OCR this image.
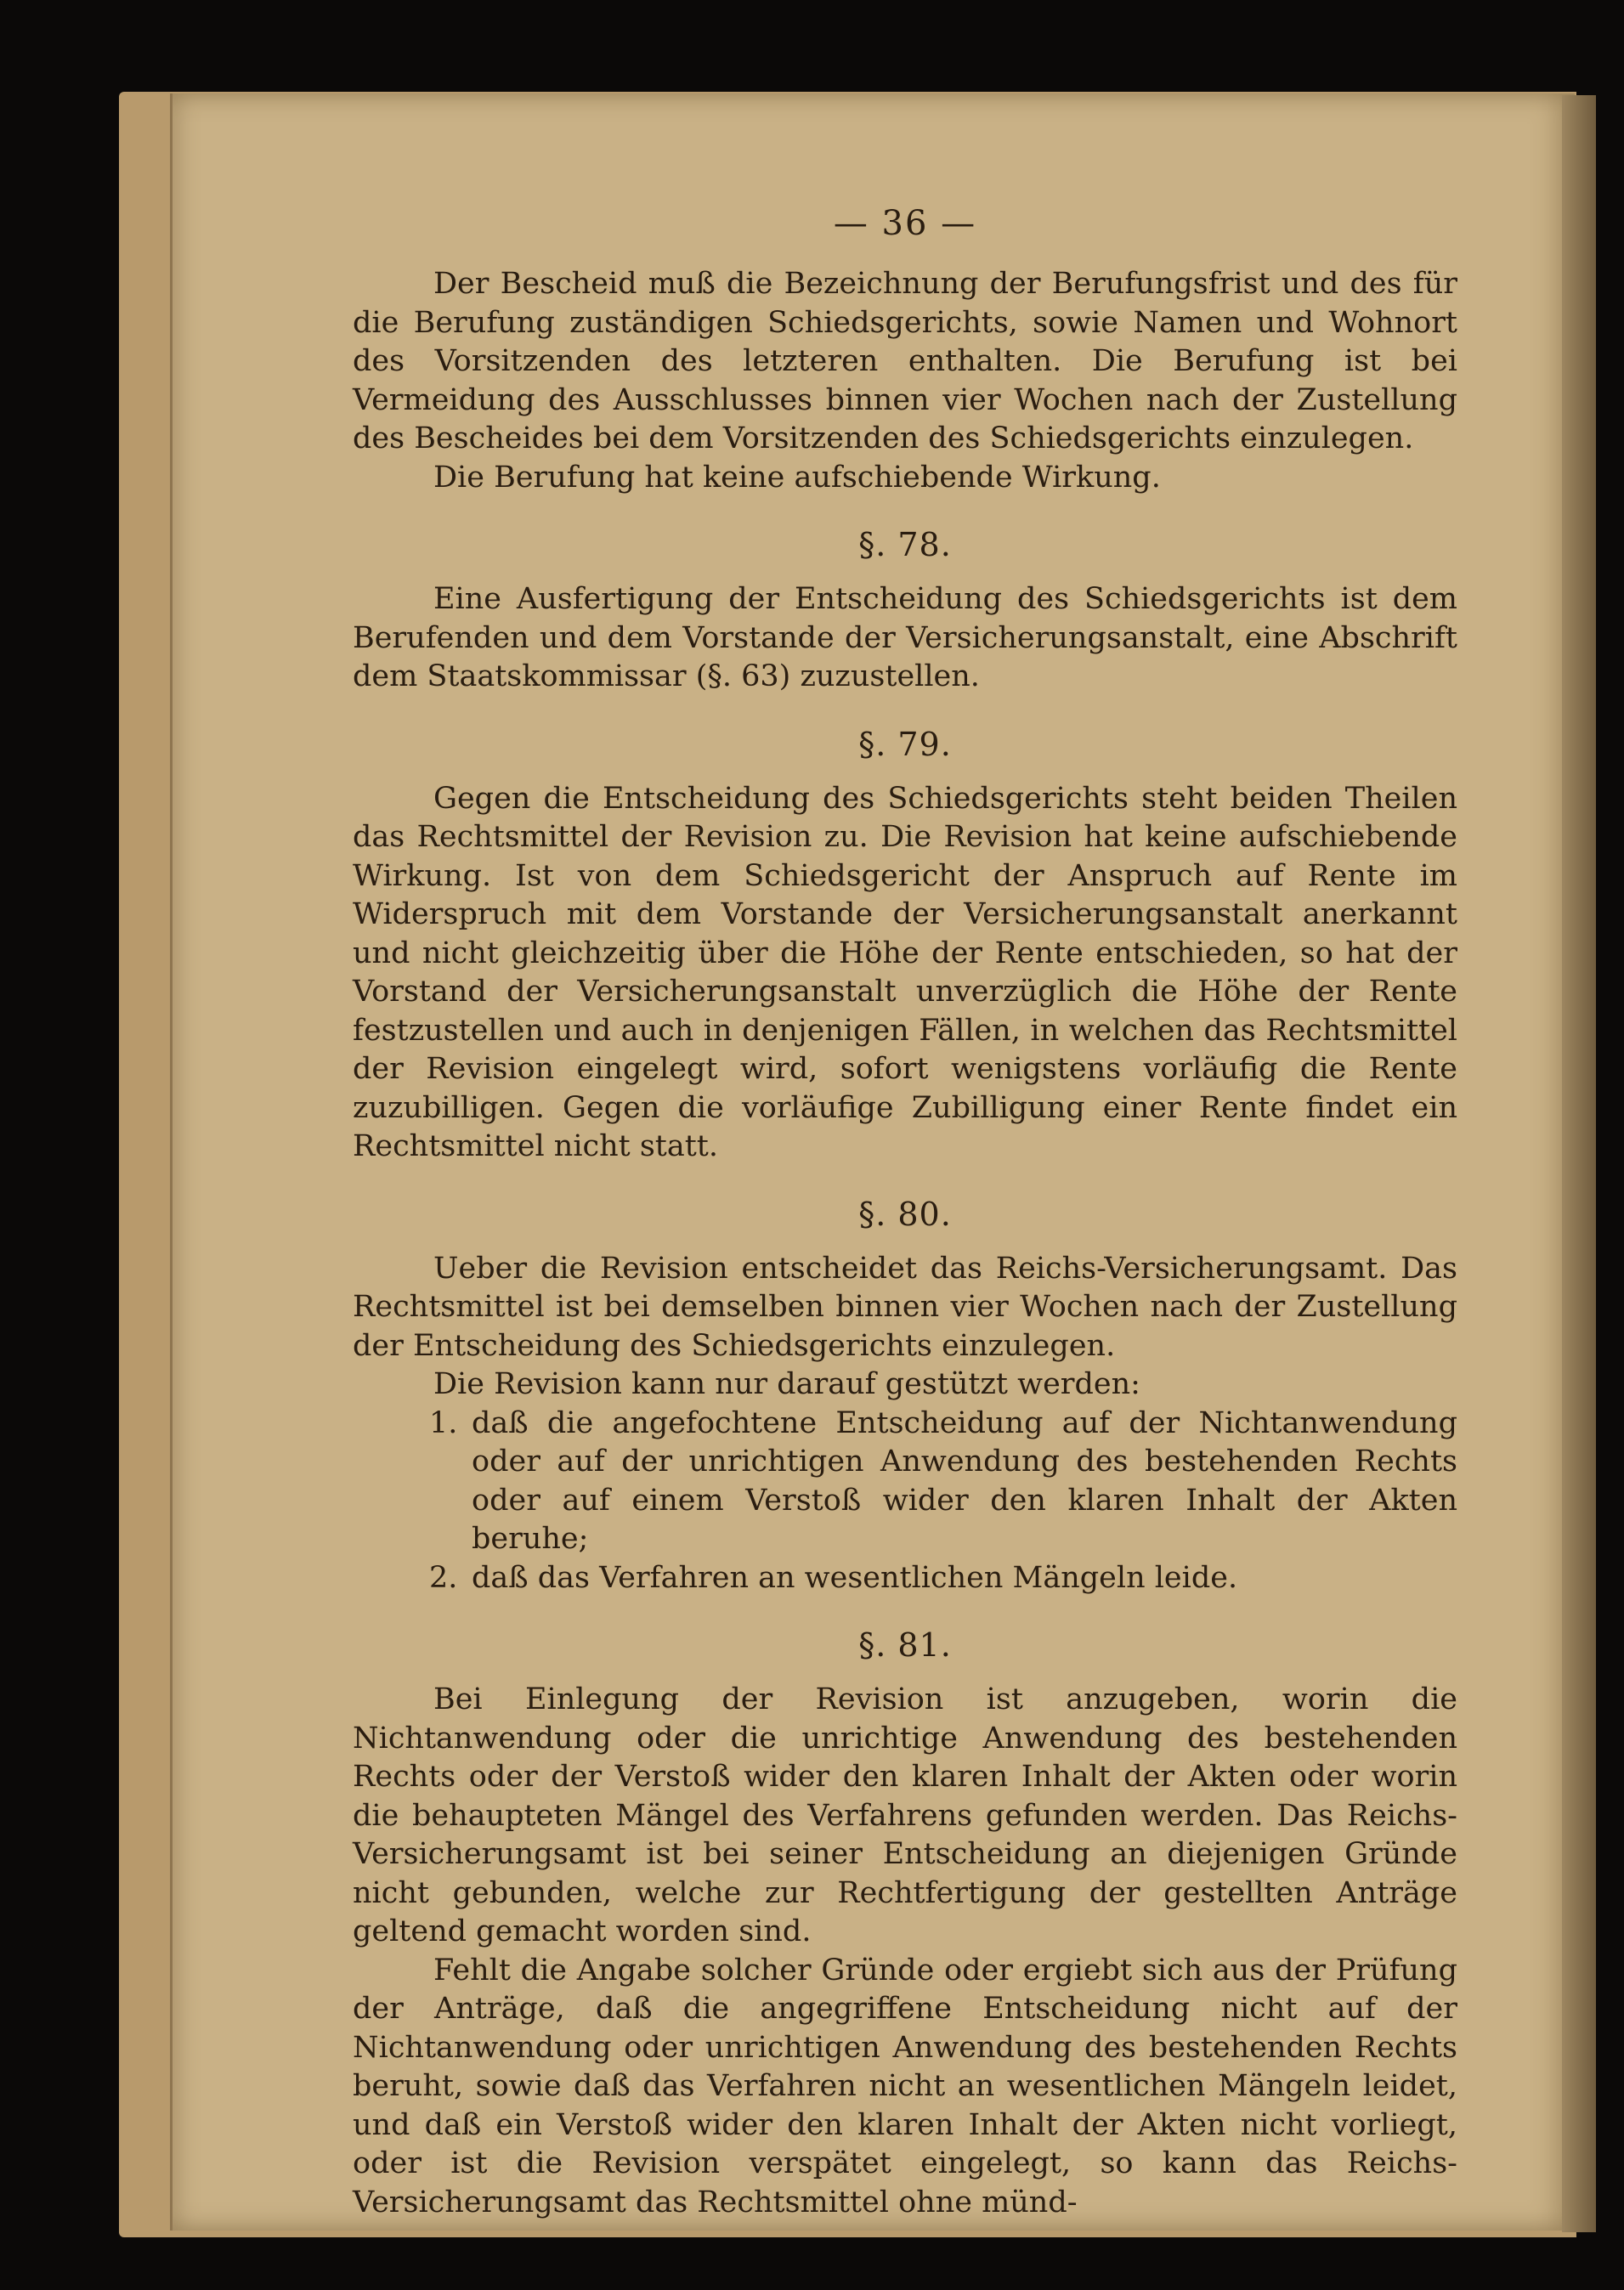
— 36 —

Der Bescheid muß die Bezeichnung der Berufungsfrist und des für die Berufung zuständigen Schiedsgerichts, sowie Namen und Wohnort des Vorsitzenden des letzteren enthalten. Die Berufung ist bei Vermeidung des Ausschlusses binnen vier Wochen nach der Zustellung des Bescheides bei dem Vorsitzenden des Schiedsgerichts einzulegen.

Die Berufung hat keine aufschiebende Wirkung.

§. 78.

Eine Ausfertigung der Entscheidung des Schiedsgerichts ist dem Berufenden und dem Vorstande der Versicherungsanstalt, eine Abschrift dem Staatskommissar (§. 63) zuzustellen.

§. 79.

Gegen die Entscheidung des Schiedsgerichts steht beiden Theilen das Rechtsmittel der Revision zu. Die Revision hat keine aufschiebende Wirkung. Ist von dem Schiedsgericht der Anspruch auf Rente im Widerspruch mit dem Vorstande der Versicherungsanstalt anerkannt und nicht gleichzeitig über die Höhe der Rente entschieden, so hat der Vorstand der Versicherungsanstalt unverzüglich die Höhe der Rente festzustellen und auch in denjenigen Fällen, in welchen das Rechtsmittel der Revision eingelegt wird, sofort wenigstens vorläufig die Rente zuzubilligen. Gegen die vorläufige Zubilligung einer Rente findet ein Rechtsmittel nicht statt.

§. 80.

Ueber die Revision entscheidet das Reichs-Versicherungsamt. Das Rechtsmittel ist bei demselben binnen vier Wochen nach der Zustellung der Entscheidung des Schiedsgerichts einzulegen.

Die Revision kann nur darauf gestützt werden:

1. daß die angefochtene Entscheidung auf der Nichtanwendung oder auf der unrichtigen Anwendung des bestehenden Rechts oder auf einem Verstoß wider den klaren Inhalt der Akten beruhe;
2. daß das Verfahren an wesentlichen Mängeln leide.
§. 81.

Bei Einlegung der Revision ist anzugeben, worin die Nichtanwendung oder die unrichtige Anwendung des bestehenden Rechts oder der Verstoß wider den klaren Inhalt der Akten oder worin die behaupteten Mängel des Verfahrens gefunden werden. Das Reichs-Versicherungsamt ist bei seiner Entscheidung an diejenigen Gründe nicht gebunden, welche zur Rechtfertigung der gestellten Anträge geltend gemacht worden sind.

Fehlt die Angabe solcher Gründe oder ergiebt sich aus der Prüfung der Anträge, daß die angegriffene Entscheidung nicht auf der Nichtanwendung oder unrichtigen Anwendung des bestehenden Rechts beruht, sowie daß das Verfahren nicht an wesentlichen Mängeln leidet, und daß ein Verstoß wider den klaren Inhalt der Akten nicht vorliegt, oder ist die Revision verspätet eingelegt, so kann das Reichs-Versicherungsamt das Rechtsmittel ohne münd-
